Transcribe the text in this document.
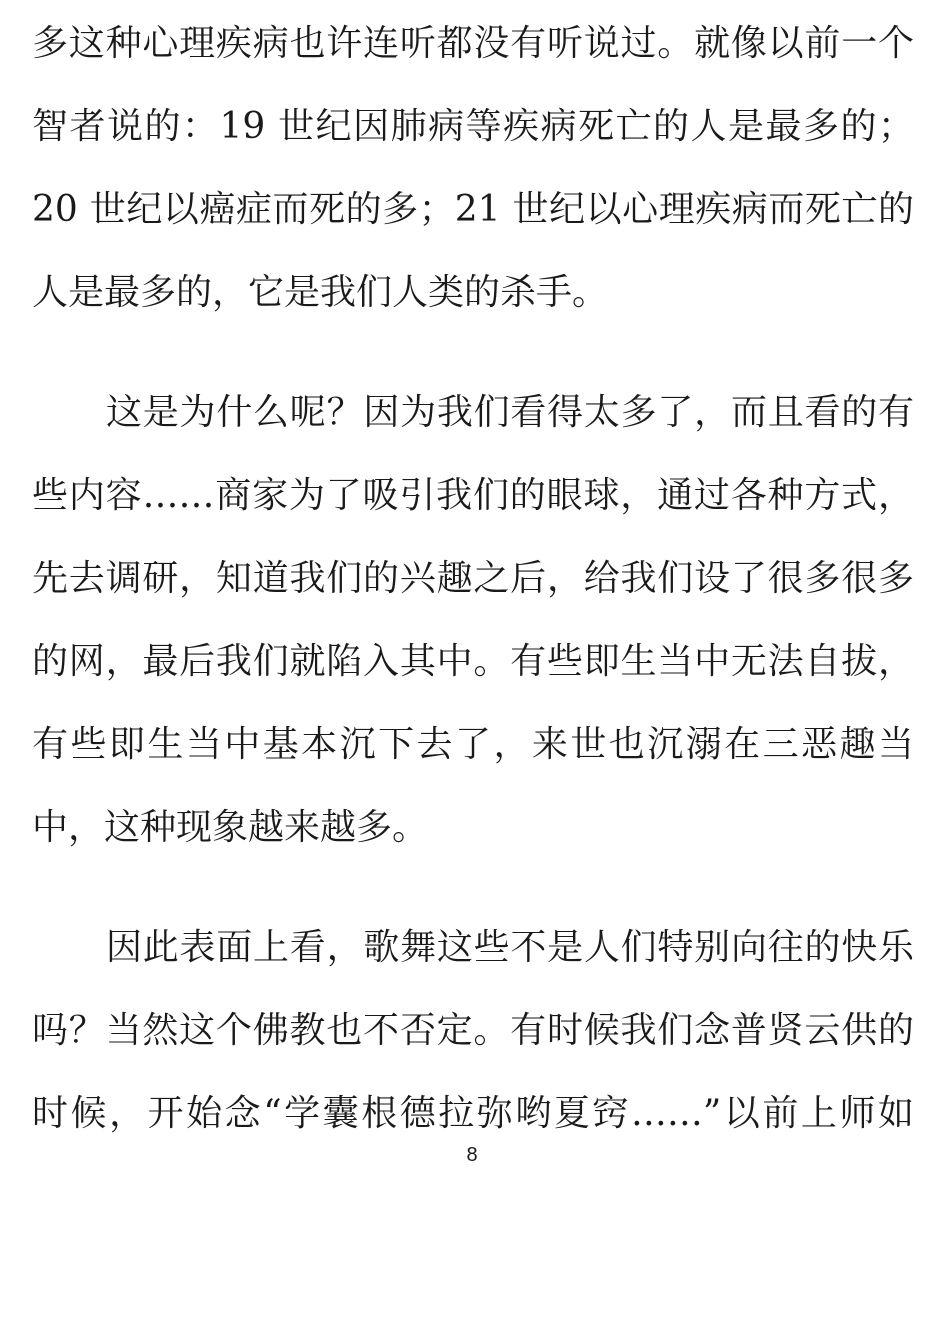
多这种心理疾病也许连听都没有听说过。就像以前一个
智者说的：19 世纪因肺病等疾病死亡的人是最多的；
20 世纪以癌症而死的多；21 世纪以心理疾病而死亡的
人是最多的，它是我们人类的杀手。
这是为什么呢？因为我们看得太多了，而且看的有
些内容……商家为了吸引我们的眼球，通过各种方式，
先去调研，知道我们的兴趣之后，给我们设了很多很多
的网，最后我们就陷入其中。有些即生当中无法自拔，
有些即生当中基本沉下去了，来世也沉溺在三恶趣当
中，这种现象越来越多。
因此表面上看，歌舞这些不是人们特别向往的快乐
吗？当然这个佛教也不否定。有时候我们念普贤云供的
时候，开始念“学囊根德拉弥哟夏窍……”以前上师如
8
